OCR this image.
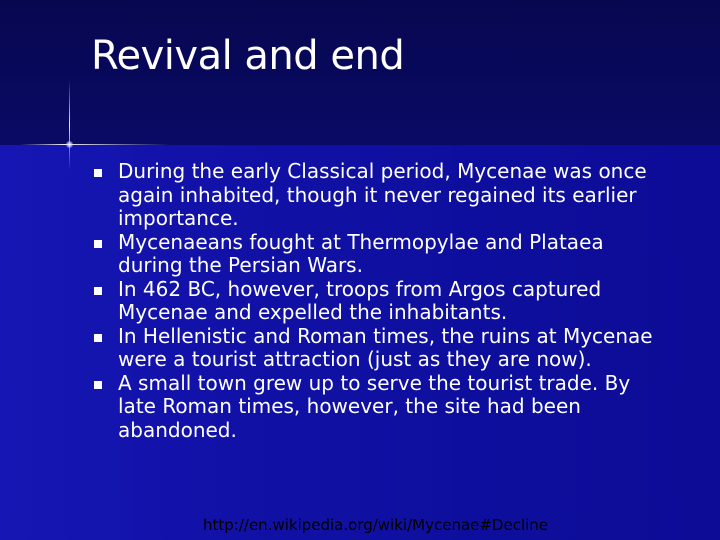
Revival and end
During the early Classical period, Mycenae was once again inhabited, though it never regained its earlier importance.
Mycenaeans fought at Thermopylae and Plataea during the Persian Wars.
In 462 BC, however, troops from Argos captured Mycenae and expelled the inhabitants.
In Hellenistic and Roman times, the ruins at Mycenae were a tourist attraction (just as they are now).
A small town grew up to serve the tourist trade. By late Roman times, however, the site had been abandoned.
http://en.wikipedia.org/wiki/Mycenae#Decline
